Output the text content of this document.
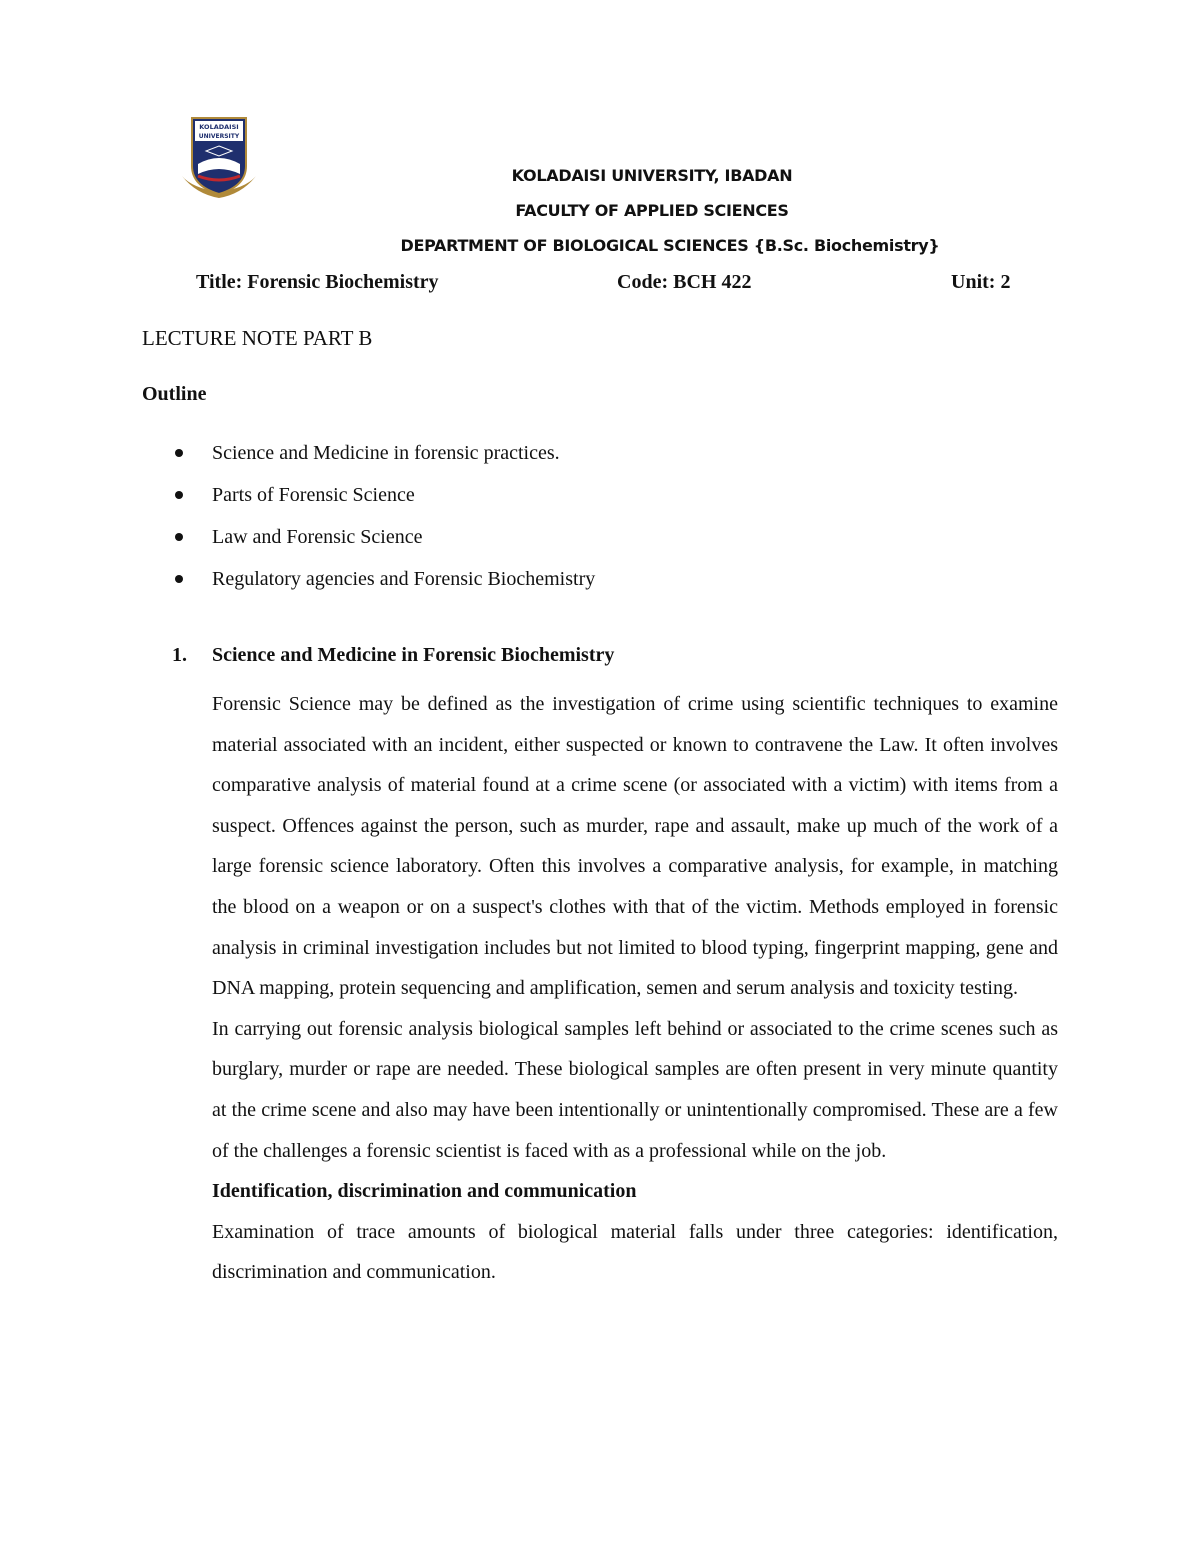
KOLADAISI
UNIVERSITY
KOLADAISI UNIVERSITY, IBADAN
FACULTY OF APPLIED SCIENCES
DEPARTMENT OF BIOLOGICAL SCIENCES {B.Sc. Biochemistry}
Title: Forensic Biochemistry	Code: BCH 422	Unit: 2
LECTURE NOTE PART B
Outline
Science and Medicine in forensic practices.
Parts of Forensic Science
Law and Forensic Science
Regulatory agencies and Forensic Biochemistry
1. Science and Medicine in Forensic Biochemistry

Forensic Science may be defined as the investigation of crime using scientific techniques to examine material associated with an incident, either suspected or known to contravene the Law. It often involves comparative analysis of material found at a crime scene (or associated with a victim) with items from a suspect. Offences against the person, such as murder, rape and assault, make up much of the work of a large forensic science laboratory. Often this involves a comparative analysis, for example, in matching the blood on a weapon or on a suspect's clothes with that of the victim. Methods employed in forensic analysis in criminal investigation includes but not limited to blood typing, fingerprint mapping, gene and DNA mapping, protein sequencing and amplification, semen and serum analysis and toxicity testing.

In carrying out forensic analysis biological samples left behind or associated to the crime scenes such as burglary, murder or rape are needed. These biological samples are often present in very minute quantity at the crime scene and also may have been intentionally or unintentionally compromised. These are a few of the challenges a forensic scientist is faced with as a professional while on the job.

Identification, discrimination and communication

Examination of trace amounts of biological material falls under three categories: identification, discrimination and communication.
